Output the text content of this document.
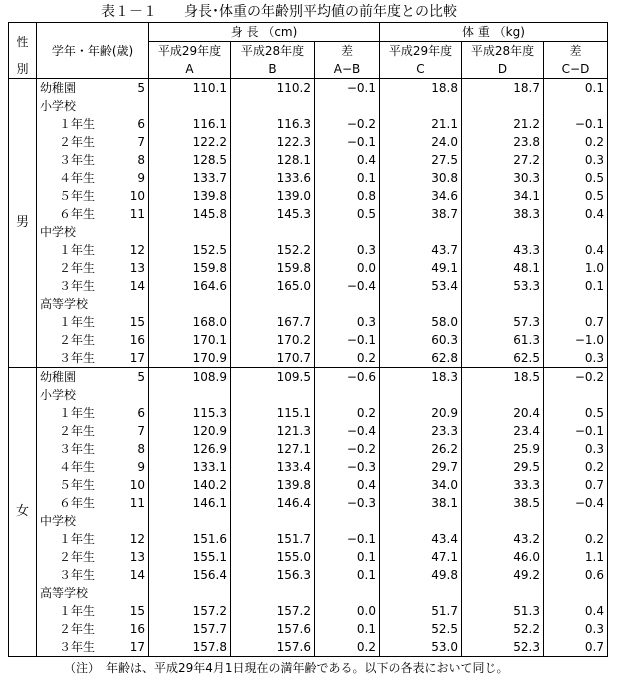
表１－１ 身長･体重の年齢別平均値の前年度との比較
性	学年・年齢(歳)		身 長 （cm)			体 重 （kg)		
			平成29年度	平成28年度	差	平成29年度	平成28年度	差
別			A	B	A−B	C	D	C−D
男	幼稚園	5	110.1	110.2	−0.1	18.8	18.7	0.1
	小学校							
	１年生	6	116.1	116.3	−0.2	21.1	21.2	−0.1
	２年生	7	122.2	122.3	−0.1	24.0	23.8	0.2
	３年生	8	128.5	128.1	0.4	27.5	27.2	0.3
	４年生	9	133.7	133.6	0.1	30.8	30.3	0.5
	５年生	10	139.8	139.0	0.8	34.6	34.1	0.5
	６年生	11	145.8	145.3	0.5	38.7	38.3	0.4
	中学校							
	１年生	12	152.5	152.2	0.3	43.7	43.3	0.4
	２年生	13	159.8	159.8	0.0	49.1	48.1	1.0
	３年生	14	164.6	165.0	−0.4	53.4	53.3	0.1
	高等学校							
	１年生	15	168.0	167.7	0.3	58.0	57.3	0.7
	２年生	16	170.1	170.2	−0.1	60.3	61.3	−1.0
	３年生	17	170.9	170.7	0.2	62.8	62.5	0.3
女	幼稚園	5	108.9	109.5	−0.6	18.3	18.5	−0.2
	小学校							
	１年生	6	115.3	115.1	0.2	20.9	20.4	0.5
	２年生	7	120.9	121.3	−0.4	23.3	23.4	−0.1
	３年生	8	126.9	127.1	−0.2	26.2	25.9	0.3
	４年生	9	133.1	133.4	−0.3	29.7	29.5	0.2
	５年生	10	140.2	139.8	0.4	34.0	33.3	0.7
	６年生	11	146.1	146.4	−0.3	38.1	38.5	−0.4
	中学校							
	１年生	12	151.6	151.7	−0.1	43.4	43.2	0.2
	２年生	13	155.1	155.0	0.1	47.1	46.0	1.1
	３年生	14	156.4	156.3	0.1	49.8	49.2	0.6
	高等学校							
	１年生	15	157.2	157.2	0.0	51.7	51.3	0.4
	２年生	16	157.7	157.6	0.1	52.5	52.2	0.3
	３年生	17	157.8	157.6	0.2	53.0	52.3	0.7
（注）　年齢は、平成29年4月1日現在の満年齢である。以下の各表において同じ。
